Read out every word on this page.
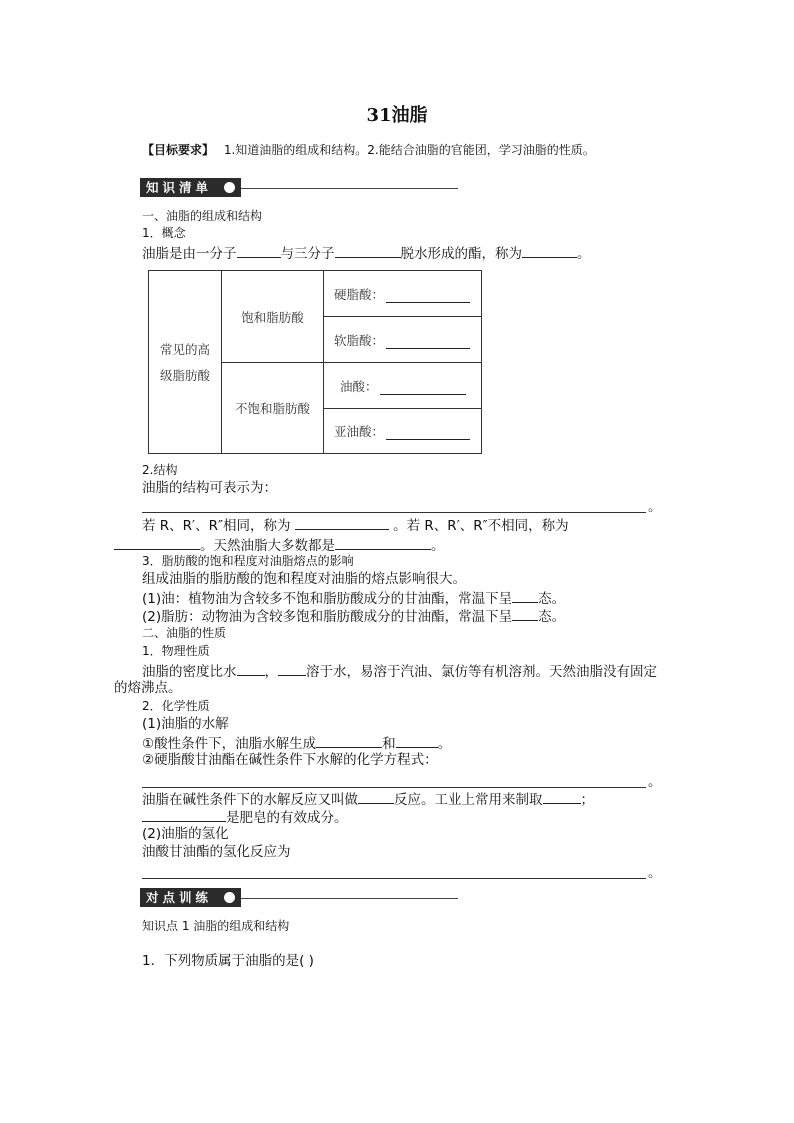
31油脂
【目标要求】 1.知道油脂的组成和结构。2.能结合油脂的官能团，学习油脂的性质。
知识清单
一、油脂的组成和结构
1．概念
油脂是由一分子	与三分子	脱水形成的酯，称为	。
常见的高
级脂肪酸	饱和脂肪酸	硬脂酸：

		软脂酸：

	不饱和脂肪酸	油酸：

		亚油酸：
2.结构
油脂的结构可表示为：
。
若 R、R′、R″相同，称为	。若 R、R′、R″不相同，称为
。天然油脂大多数都是	。
3．脂肪酸的饱和程度对油脂熔点的影响
组成油脂的脂肪酸的饱和程度对油脂的熔点影响很大。
(1)油：植物油为含较多不饱和脂肪酸成分的甘油酯，常温下呈 态。
(2)脂肪：动物油为含较多饱和脂肪酸成分的甘油酯，常温下呈 态。
二、油脂的性质
1．物理性质
油脂的密度比水 ， 溶于水，易溶于汽油、氯仿等有机溶剂。天然油脂没有固定
的熔沸点。
2．化学性质
(1)油脂的水解
①酸性条件下，油脂水解生成	和	。
②硬脂酸甘油酯在碱性条件下水解的化学方程式：
。
油脂在碱性条件下的水解反应又叫做	反应。工业上常用来制取	；
是肥皂的有效成分。
(2)油脂的氢化
油酸甘油酯的氢化反应为
。
对点训练
知识点 1 油脂的组成和结构
1．下列物质属于油脂的是( )
